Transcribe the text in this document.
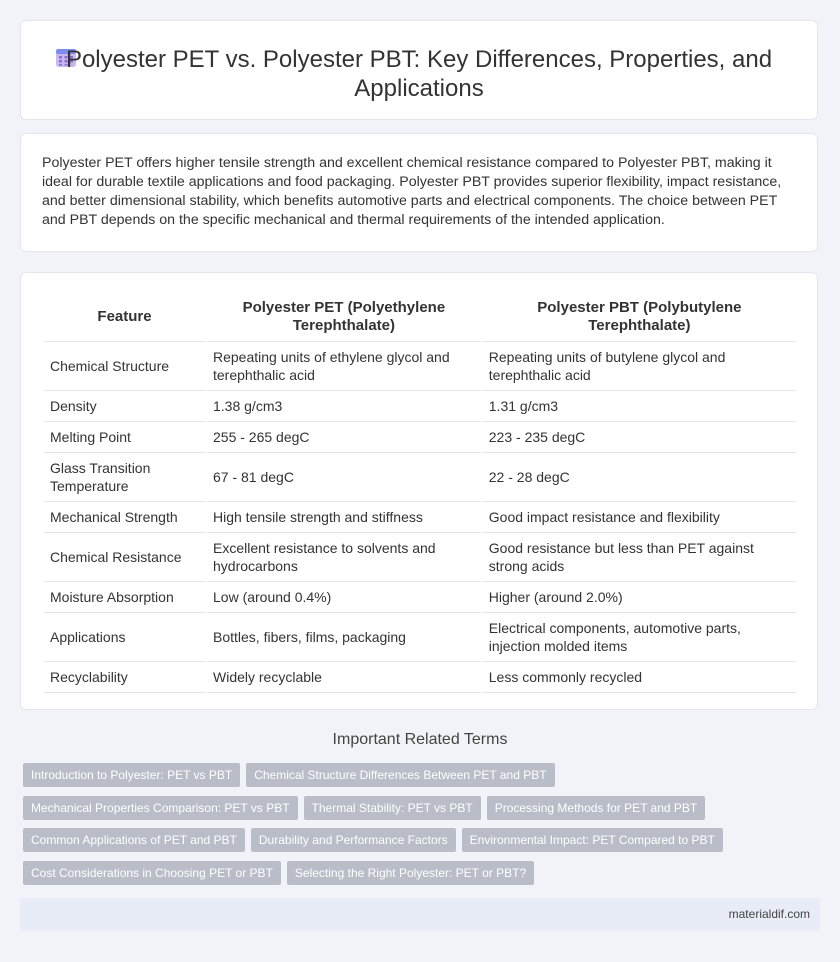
Polyester PET vs. Polyester PBT: Key Differences, Properties, and Applications
Polyester PET offers higher tensile strength and excellent chemical resistance compared to Polyester PBT, making it ideal for durable textile applications and food packaging. Polyester PBT provides superior flexibility, impact resistance, and better dimensional stability, which benefits automotive parts and electrical components. The choice between PET and PBT depends on the specific mechanical and thermal requirements of the intended application.
Feature	Polyester PET (Polyethylene Terephthalate)	Polyester PBT (Polybutylene Terephthalate)
Chemical Structure	Repeating units of ethylene glycol and terephthalic acid	Repeating units of butylene glycol and terephthalic acid
Density	1.38 g/cm3	1.31 g/cm3
Melting Point	255 - 265 degC	223 - 235 degC
Glass Transition Temperature	67 - 81 degC	22 - 28 degC
Mechanical Strength	High tensile strength and stiffness	Good impact resistance and flexibility
Chemical Resistance	Excellent resistance to solvents and hydrocarbons	Good resistance but less than PET against strong acids
Moisture Absorption	Low (around 0.4%)	Higher (around 2.0%)
Applications	Bottles, fibers, films, packaging	Electrical components, automotive parts, injection molded items
Recyclability	Widely recyclable	Less commonly recycled
Important Related Terms
Introduction to Polyester: PET vs PBT Chemical Structure Differences Between PET and PBT
Mechanical Properties Comparison: PET vs PBT Thermal Stability: PET vs PBT Processing Methods for PET and PBT
Common Applications of PET and PBT Durability and Performance Factors Environmental Impact: PET Compared to PBT
Cost Considerations in Choosing PET or PBT Selecting the Right Polyester: PET or PBT?
materialdif.com
